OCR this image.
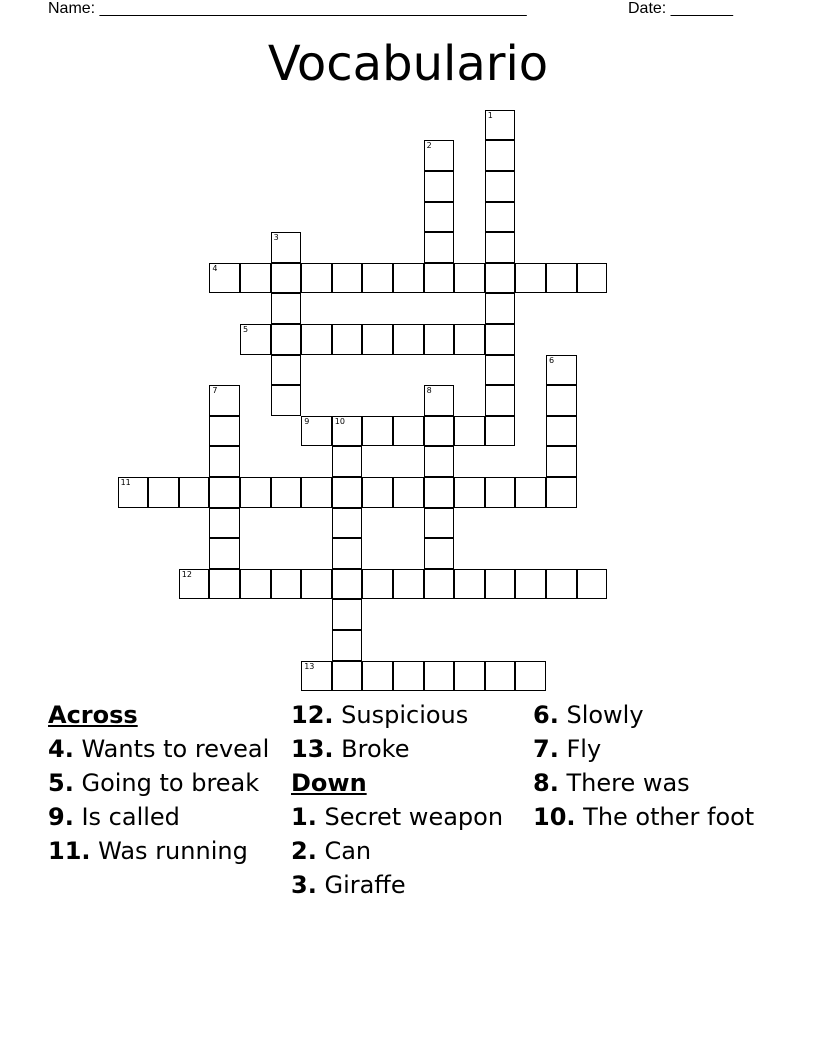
Name: ________________________________________________	Date: _______
Vocabulario
1
2
3
4
5
6
7	8
9	10
11
12
13
Across
4. Wants to reveal
5. Going to break
9. Is called
11. Was running
12. Suspicious
13. Broke
Down
1. Secret weapon
2. Can
3. Giraffe
6. Slowly
7. Fly
8. There was
10. The other foot
